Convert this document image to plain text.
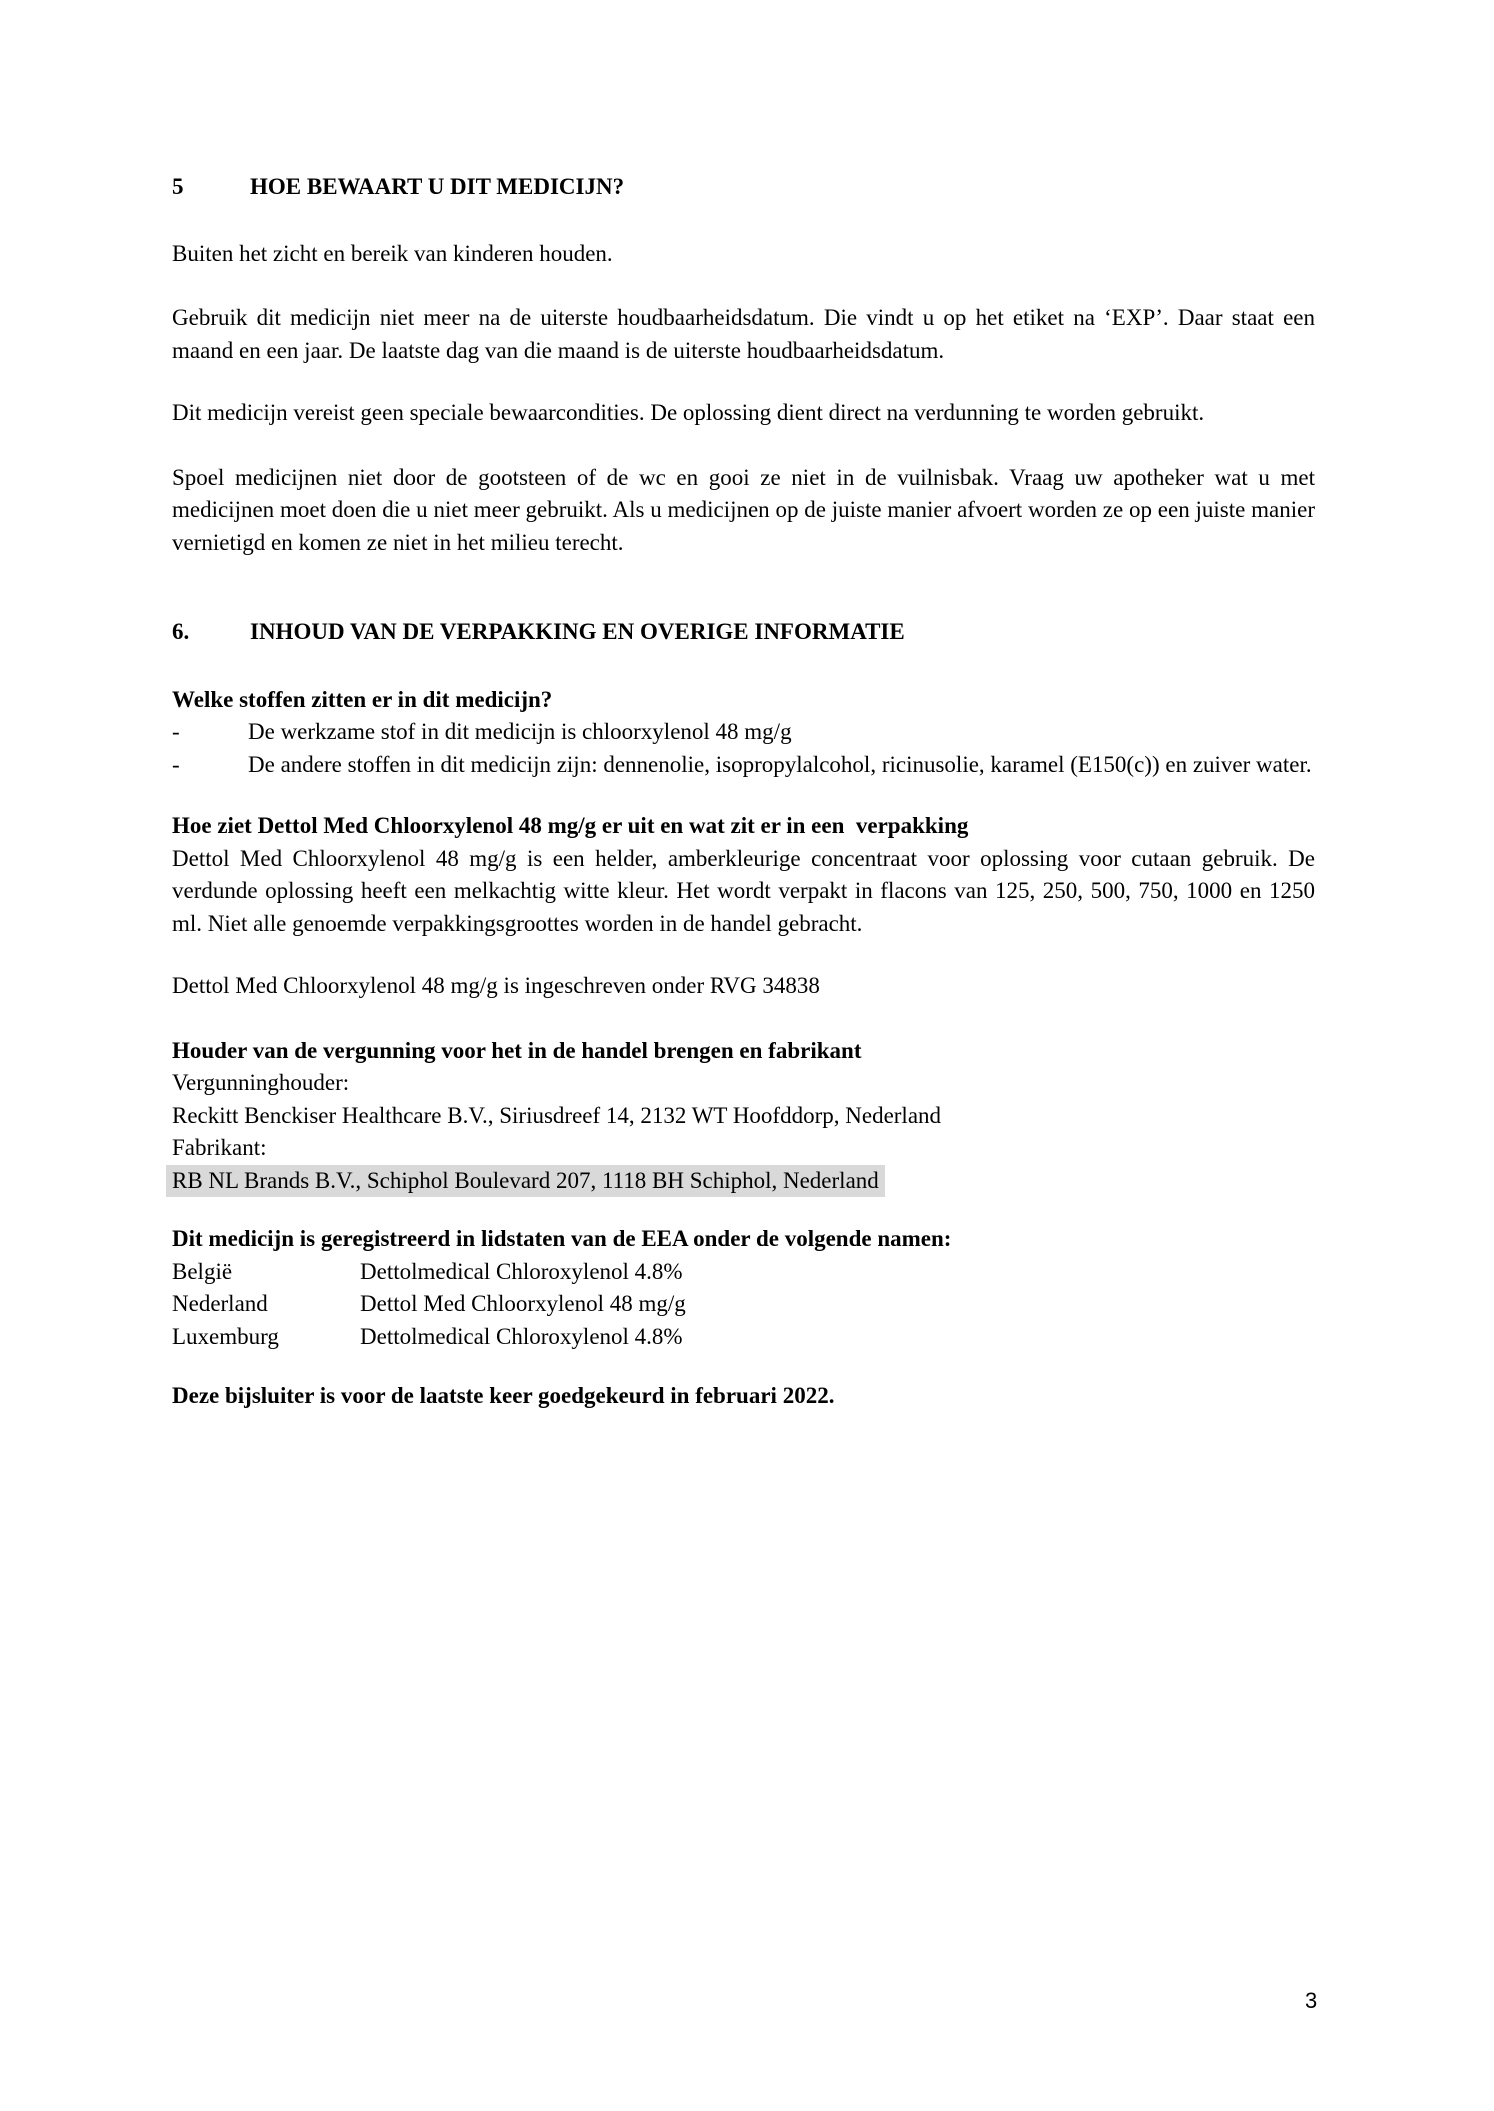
5	HOE BEWAART U DIT MEDICIJN?

Buiten het zicht en bereik van kinderen houden.

Gebruik dit medicijn niet meer na de uiterste houdbaarheidsdatum. Die vindt u op het etiket na ‘EXP’. Daar staat een maand en een jaar. De laatste dag van die maand is de uiterste houdbaarheidsdatum.

Dit medicijn vereist geen speciale bewaarcondities. De oplossing dient direct na verdunning te worden gebruikt.

Spoel medicijnen niet door de gootsteen of de wc en gooi ze niet in de vuilnisbak. Vraag uw apotheker wat u met medicijnen moet doen die u niet meer gebruikt. Als u medicijnen op de juiste manier afvoert worden ze op een juiste manier vernietigd en komen ze niet in het milieu terecht.

6.	INHOUD VAN DE VERPAKKING EN OVERIGE INFORMATIE

Welke stoffen zitten er in dit medicijn?

-	De werkzame stof in dit medicijn is chloorxylenol 48 mg/g

-	De andere stoffen in dit medicijn zijn: dennenolie, isopropylalcohol, ricinusolie, karamel (E150(c)) en zuiver water.

Hoe ziet Dettol Med Chloorxylenol 48 mg/g er uit en wat zit er in een  verpakking

Dettol Med Chloorxylenol 48 mg/g is een helder, amberkleurige concentraat voor oplossing voor cutaan gebruik. De verdunde oplossing heeft een melkachtig witte kleur. Het wordt verpakt in flacons van 125, 250, 500, 750, 1000 en 1250 ml. Niet alle genoemde verpakkingsgroottes worden in de handel gebracht.

Dettol Med Chloorxylenol 48 mg/g is ingeschreven onder RVG 34838

Houder van de vergunning voor het in de handel brengen en fabrikant

Vergunninghouder:

Reckitt Benckiser Healthcare B.V., Siriusdreef 14, 2132 WT Hoofddorp, Nederland

Fabrikant:

RB NL Brands B.V., Schiphol Boulevard 207, 1118 BH Schiphol, Nederland

Dit medicijn is geregistreerd in lidstaten van de EEA onder de volgende namen:

België	Dettolmedical Chloroxylenol 4.8%

Nederland	Dettol Med Chloorxylenol 48 mg/g

Luxemburg	Dettolmedical Chloroxylenol 4.8%

Deze bijsluiter is voor de laatste keer goedgekeurd in februari 2022.

3
